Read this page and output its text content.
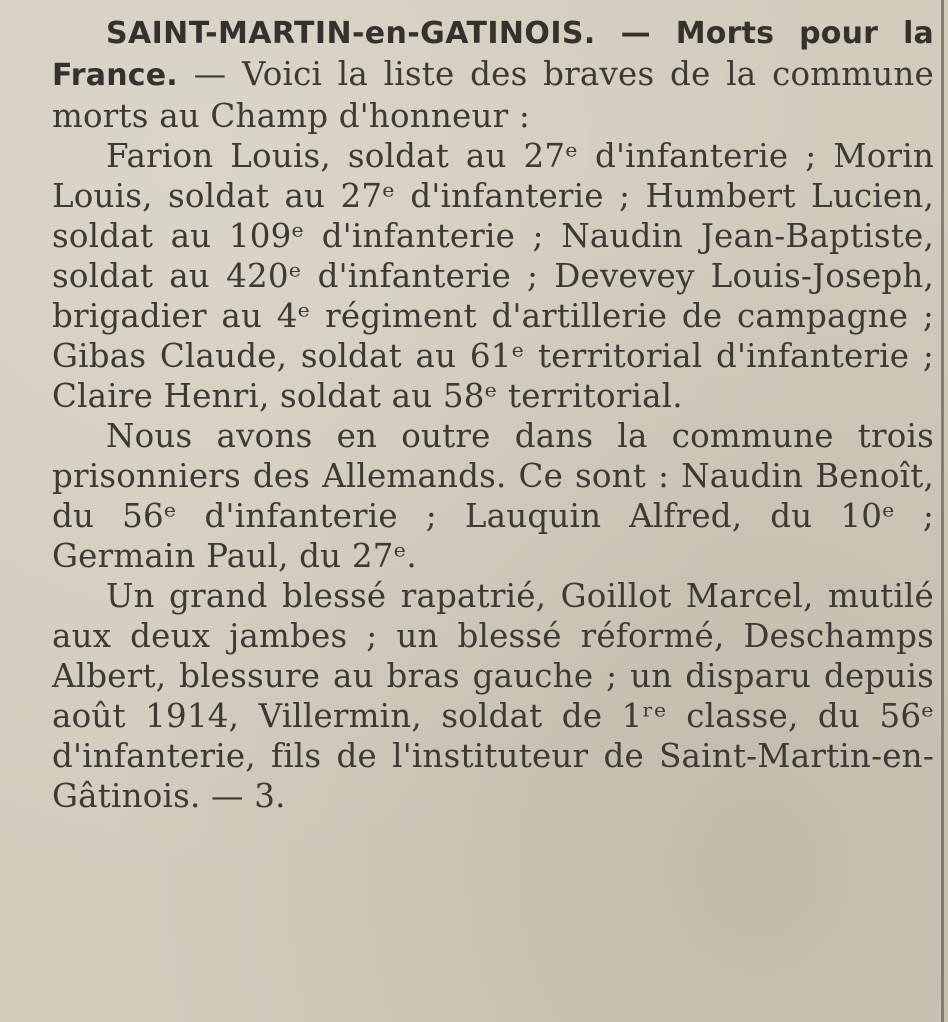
SAINT-MARTIN-en-GATINOIS. — Morts pour la France. — Voici la liste des braves de la commune morts au Champ d'honneur :

Farion Louis, soldat au 27ᵉ d'infanterie ; Morin Louis, soldat au 27ᵉ d'infanterie ; Humbert Lucien, soldat au 109ᵉ d'infanterie ; Naudin Jean-Baptiste, soldat au 420ᵉ d'infanterie ; Devevey Louis-Joseph, brigadier au 4ᵉ régiment d'artillerie de campagne ; Gibas Claude, soldat au 61ᵉ territorial d'infanterie ; Claire Henri, soldat au 58ᵉ territorial.

Nous avons en outre dans la commune trois prisonniers des Allemands. Ce sont : Naudin Benoît, du 56ᵉ d'infanterie ; Lauquin Alfred, du 10ᵉ ; Germain Paul, du 27ᵉ.

Un grand blessé rapatrié, Goillot Marcel, mutilé aux deux jambes ; un blessé réformé, Deschamps Albert, blessure au bras gauche ; un disparu depuis août 1914, Villermin, soldat de 1ʳᵉ classe, du 56ᵉ d'infanterie, fils de l'instituteur de Saint-Martin-en-Gâtinois. — 3.
